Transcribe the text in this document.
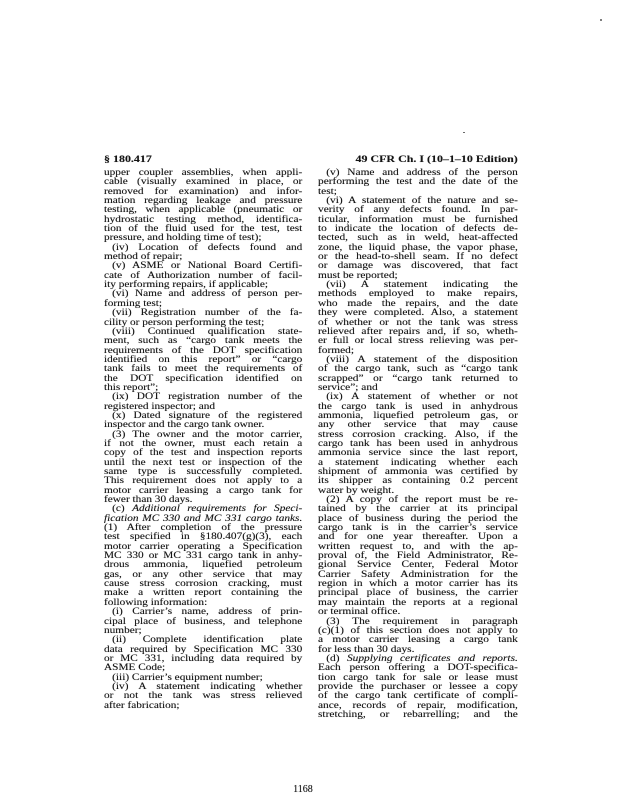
§ 180.417	49 CFR Ch. I (10–1–10 Edition)
upper coupler assemblies, when appli-
cable (visually examined in place, or
removed for examination) and infor-
mation regarding leakage and pressure
testing, when applicable (pneumatic or
hydrostatic testing method, identifica-
tion of the fluid used for the test, test
pressure, and holding time of test);
(iv) Location of defects found and
method of repair;
(v) ASME or National Board Certifi-
cate of Authorization number of facil-
ity performing repairs, if applicable;
(vi) Name and address of person per-
forming test;
(vii) Registration number of the fa-
cility or person performing the test;
(viii) Continued qualification state-
ment, such as “cargo tank meets the
requirements of the DOT specification
identified on this report” or “cargo
tank fails to meet the requirements of
the DOT specification identified on
this report”;
(ix) DOT registration number of the
registered inspector; and
(x) Dated signature of the registered
inspector and the cargo tank owner.
(3) The owner and the motor carrier,
if not the owner, must each retain a
copy of the test and inspection reports
until the next test or inspection of the
same type is successfully completed.
This requirement does not apply to a
motor carrier leasing a cargo tank for
fewer than 30 days.
(c) Additional requirements for Speci-
fication MC 330 and MC 331 cargo tanks.
(1) After completion of the pressure
test specified in §180.407(g)(3), each
motor carrier operating a Specification
MC 330 or MC 331 cargo tank in anhy-
drous ammonia, liquefied petroleum
gas, or any other service that may
cause stress corrosion cracking, must
make a written report containing the
following information:
(i) Carrier’s name, address of prin-
cipal place of business, and telephone
number;
(ii) Complete identification plate
data required by Specification MC 330
or MC 331, including data required by
ASME Code;
(iii) Carrier’s equipment number;
(iv) A statement indicating whether
or not the tank was stress relieved
after fabrication;
(v) Name and address of the person
performing the test and the date of the
test;
(vi) A statement of the nature and se-
verity of any defects found. In par-
ticular, information must be furnished
to indicate the location of defects de-
tected, such as in weld, heat-affected
zone, the liquid phase, the vapor phase,
or the head-to-shell seam. If no defect
or damage was discovered, that fact
must be reported;
(vii) A statement indicating the
methods employed to make repairs,
who made the repairs, and the date
they were completed. Also, a statement
of whether or not the tank was stress
relieved after repairs and, if so, wheth-
er full or local stress relieving was per-
formed;
(viii) A statement of the disposition
of the cargo tank, such as “cargo tank
scrapped” or “cargo tank returned to
service”; and
(ix) A statement of whether or not
the cargo tank is used in anhydrous
ammonia, liquefied petroleum gas, or
any other service that may cause
stress corrosion cracking. Also, if the
cargo tank has been used in anhydrous
ammonia service since the last report,
a statement indicating whether each
shipment of ammonia was certified by
its shipper as containing 0.2 percent
water by weight.
(2) A copy of the report must be re-
tained by the carrier at its principal
place of business during the period the
cargo tank is in the carrier’s service
and for one year thereafter. Upon a
written request to, and with the ap-
proval of, the Field Administrator, Re-
gional Service Center, Federal Motor
Carrier Safety Administration for the
region in which a motor carrier has its
principal place of business, the carrier
may maintain the reports at a regional
or terminal office.
(3) The requirement in paragraph
(c)(1) of this section does not apply to
a motor carrier leasing a cargo tank
for less than 30 days.
(d) Supplying certificates and reports.
Each person offering a DOT-specifica-
tion cargo tank for sale or lease must
provide the purchaser or lessee a copy
of the cargo tank certificate of compli-
ance, records of repair, modification,
stretching, or rebarrelling; and the
1168
